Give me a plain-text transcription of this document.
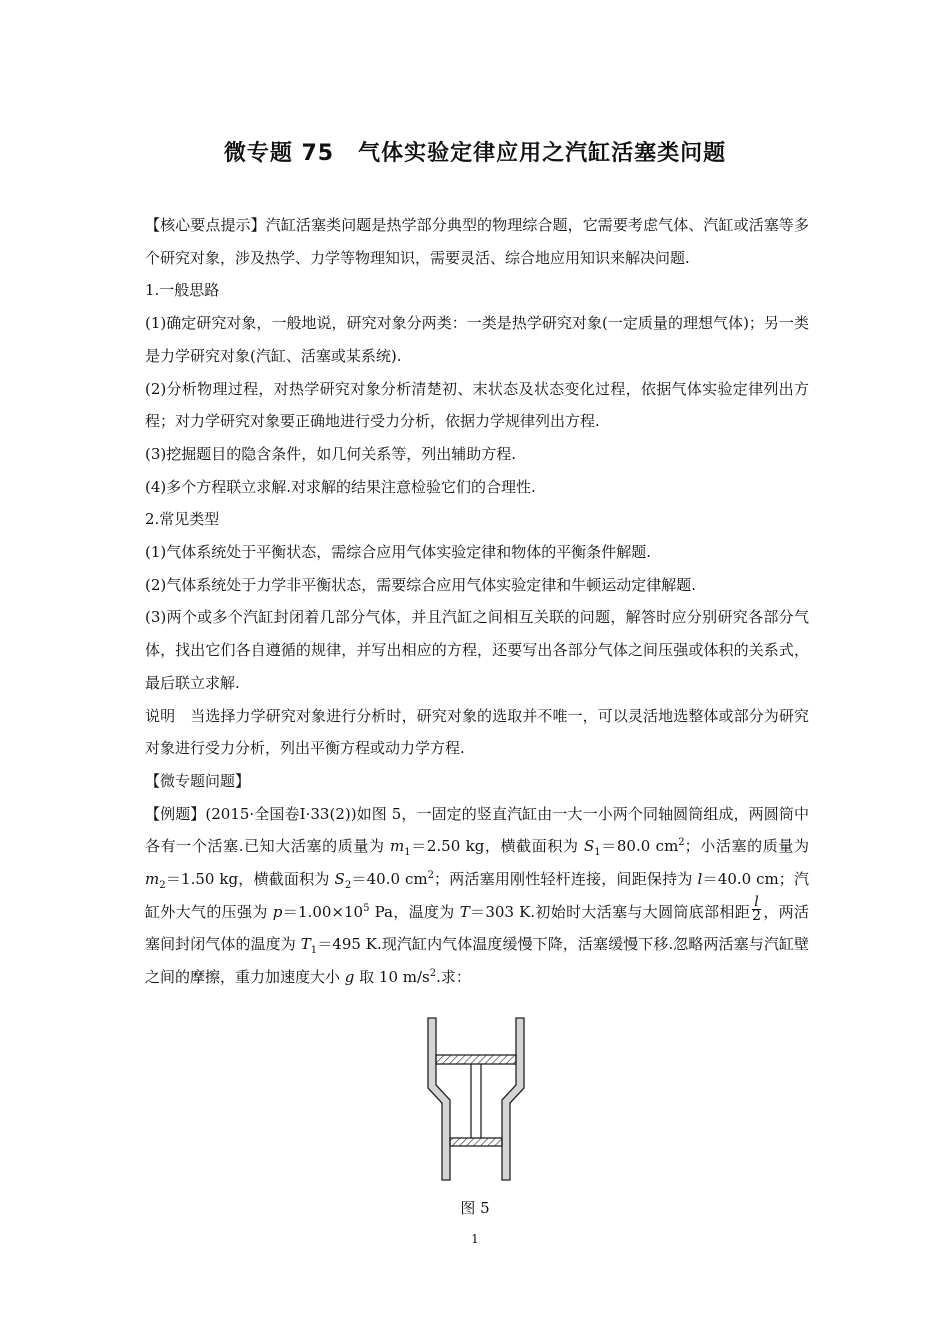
微专题 75 气体实验定律应用之汽缸活塞类问题

【核心要点提示】汽缸活塞类问题是热学部分典型的物理综合题，它需要考虑气体、汽缸或活塞等多个研究对象，涉及热学、力学等物理知识，需要灵活、综合地应用知识来解决问题.

1.一般思路

(1)确定研究对象，一般地说，研究对象分两类：一类是热学研究对象(一定质量的理想气体)；另一类是力学研究对象(汽缸、活塞或某系统).

(2)分析物理过程，对热学研究对象分析清楚初、末状态及状态变化过程，依据气体实验定律列出方程；对力学研究对象要正确地进行受力分析，依据力学规律列出方程.

(3)挖掘题目的隐含条件，如几何关系等，列出辅助方程.

(4)多个方程联立求解.对求解的结果注意检验它们的合理性.

2.常见类型

(1)气体系统处于平衡状态，需综合应用气体实验定律和物体的平衡条件解题.

(2)气体系统处于力学非平衡状态，需要综合应用气体实验定律和牛顿运动定律解题.

(3)两个或多个汽缸封闭着几部分气体，并且汽缸之间相互关联的问题，解答时应分别研究各部分气体，找出它们各自遵循的规律，并写出相应的方程，还要写出各部分气体之间压强或体积的关系式，最后联立求解.

说明  当选择力学研究对象进行分析时，研究对象的选取并不唯一，可以灵活地选整体或部分为研究对象进行受力分析，列出平衡方程或动力学方程.

【微专题问题】

【例题】(2015·全国卷Ⅰ·33(2))如图 5，一固定的竖直汽缸由一大一小两个同轴圆筒组成，两圆筒中各有一个活塞.已知大活塞的质量为 $m_1=2.50$ kg，横截面积为 $S_1=80.0$ $cm^2$；小活塞的质量为 $m_2=1.50$ kg，横截面积为 $S_2=40.0$ $cm^2$；两活塞用刚性轻杆连接，间距保持为 l＝40.0 cm；汽缸外大气的压强为 $p=1.00\times 10^5$ Pa，温度为 T＝303 K.初始时大活塞与大圆筒底部相距 $\frac{l}{2}$ ，两活塞间封闭气体的温度为 $T_1=495$ K.现汽缸内气体温度缓慢下降，活塞缓慢下移.忽略两活塞与汽缸壁之间的摩擦，重力加速度大小 g 取 10 $m/s^2$.求：

图 5
1
